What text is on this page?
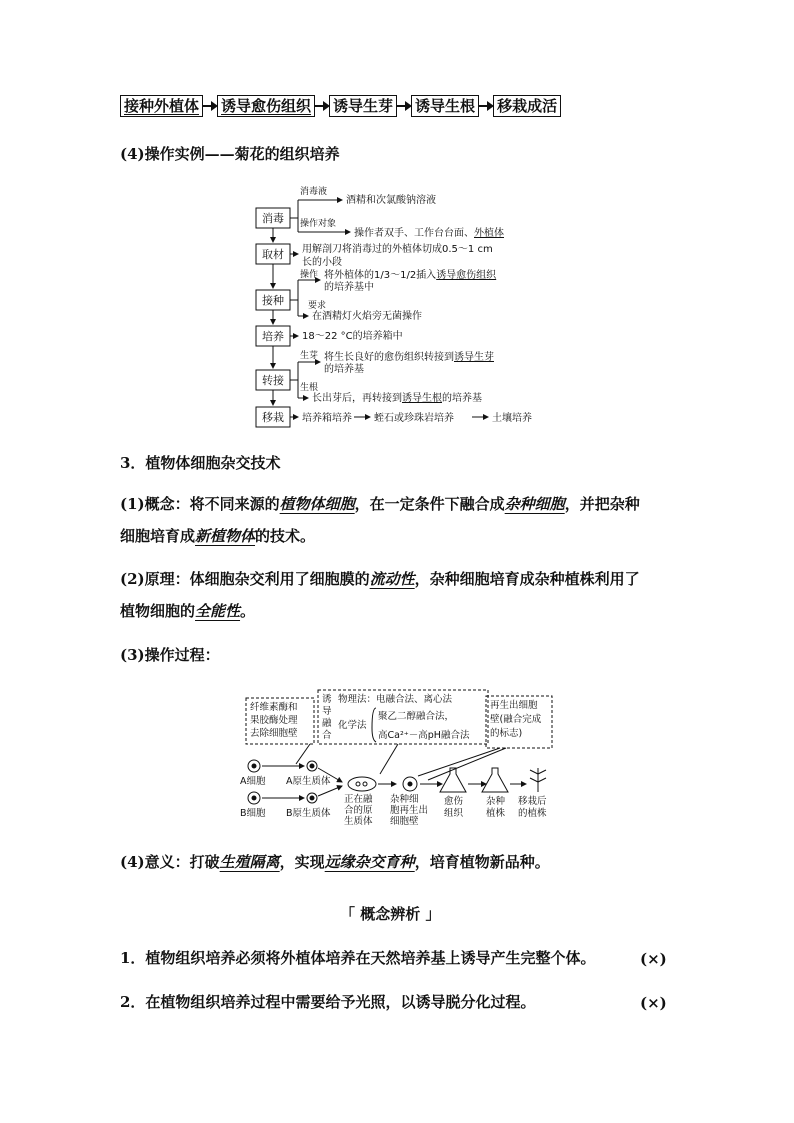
接种外植体 诱导愈伤组织 诱导生芽 诱导生根 移栽成活
(4)操作实例——菊花的组织培养
消毒
取材
接种
培养
转接
移栽
消毒液
酒精和次氯酸钠溶液
操作对象
操作者双手、工作台台面、外植体
用解剖刀将消毒过的外植体切成0.5～1 cm
长的小段
操作 将外植体的1/3～1/2插入诱导愈伤组织
的培养基中
要求
在酒精灯火焰旁无菌操作
18～22 °C的培养箱中
生芽 将生长良好的愈伤组织转接到诱导生芽
的培养基
生根
长出芽后，再转接到诱导生根的培养基
培养箱培养 蛭石或珍珠岩培养	土壤培养
3．植物体细胞杂交技术
(1)概念：将不同来源的植物体细胞，在一定条件下融合成杂种细胞，并把杂种
细胞培育成新植物体的技术。
(2)原理：体细胞杂交利用了细胞膜的流动性，杂种细胞培育成杂种植株利用了
植物细胞的全能性。
(3)操作过程：
纤维素酶和
果胶酶处理
去除细胞壁
诱
导
融
合
物理法：电融合法、离心法
化学法
聚乙二醇融合法，
高Ca²⁺－高pH融合法
再生出细胞
壁(融合完成
的标志)
A细胞 A原生质体
B细胞 B原生质体
正在融
合的原
生质体
杂种细
胞再生出
细胞壁
愈伤
组织
杂种
植株
移栽后
的植株
(4)意义：打破生殖隔离，实现远缘杂交育种，培育植物新品种。
「 概念辨析 」
1．植物组织培养必须将外植体培养在天然培养基上诱导产生完整个体。	(×)
2．在植物组织培养过程中需要给予光照，以诱导脱分化过程。	(×)
